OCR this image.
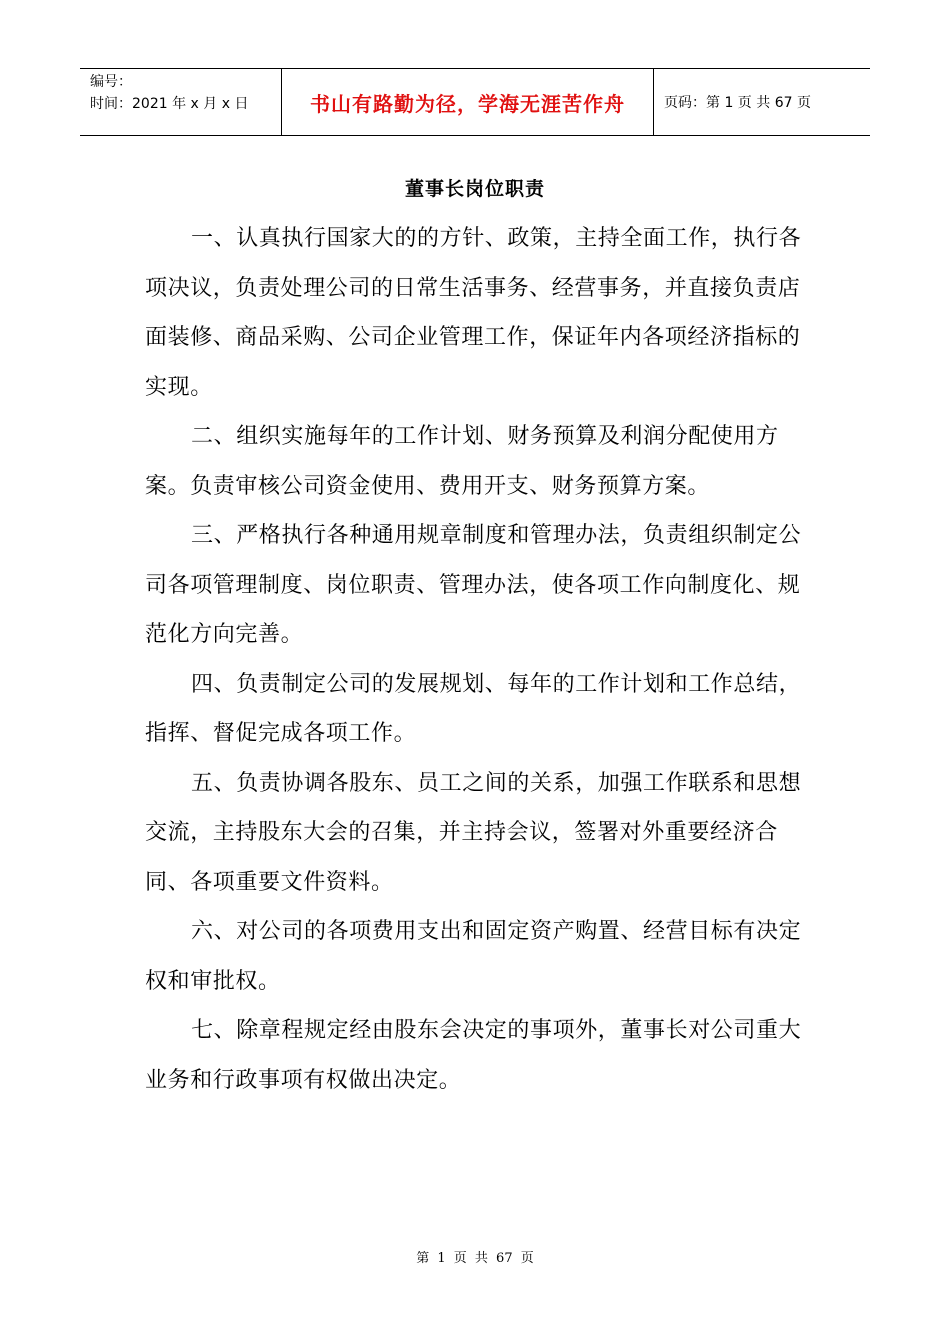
编号：
时间：2021 年 x 月 x 日	书山有路勤为径，学海无涯苦作舟	页码：第 1 页 共 67 页
董事长岗位职责

一、认真执行国家大的的方针、政策，主持全面工作，执行各项决议，负责处理公司的日常生活事务、经营事务，并直接负责店面装修、商品采购、公司企业管理工作，保证年内各项经济指标的实现。

二、组织实施每年的工作计划、财务预算及利润分配使用方案。负责审核公司资金使用、费用开支、财务预算方案。

三、严格执行各种通用规章制度和管理办法，负责组织制定公司各项管理制度、岗位职责、管理办法，使各项工作向制度化、规范化方向完善。

四、负责制定公司的发展规划、每年的工作计划和工作总结，指挥、督促完成各项工作。

五、负责协调各股东、员工之间的关系，加强工作联系和思想交流，主持股东大会的召集，并主持会议，签署对外重要经济合同、各项重要文件资料。

六、对公司的各项费用支出和固定资产购置、经营目标有决定权和审批权。

七、除章程规定经由股东会决定的事项外，董事长对公司重大业务和行政事项有权做出决定。

第 1 页 共 67 页
